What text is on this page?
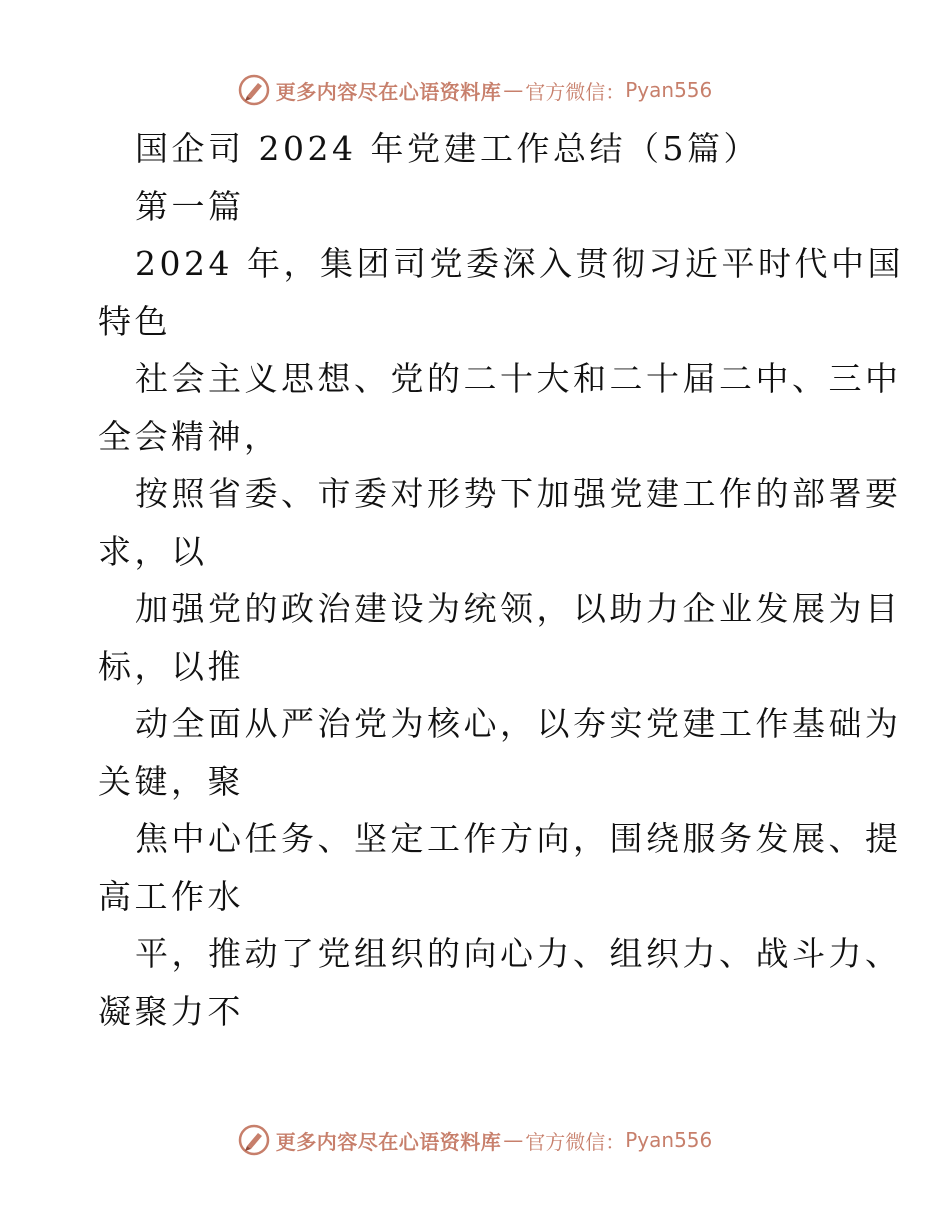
更多内容尽在心语资料库 — 官方微信： Pyan556
国企司 2024 年党建工作总结（5篇）
第一篇
2024 年，集团司党委深入贯彻习近平时代中国
特色
社会主义思想、党的二十大和二十届二中、三中
全会精神，
按照省委、市委对形势下加强党建工作的部署要
求，以
加强党的政治建设为统领，以助力企业发展为目
标，以推
动全面从严治党为核心，以夯实党建工作基础为
关键，聚
焦中心任务、坚定工作方向，围绕服务发展、提
高工作水
平，推动了党组织的向心力、组织力、战斗力、
凝聚力不
更多内容尽在心语资料库 — 官方微信： Pyan556
